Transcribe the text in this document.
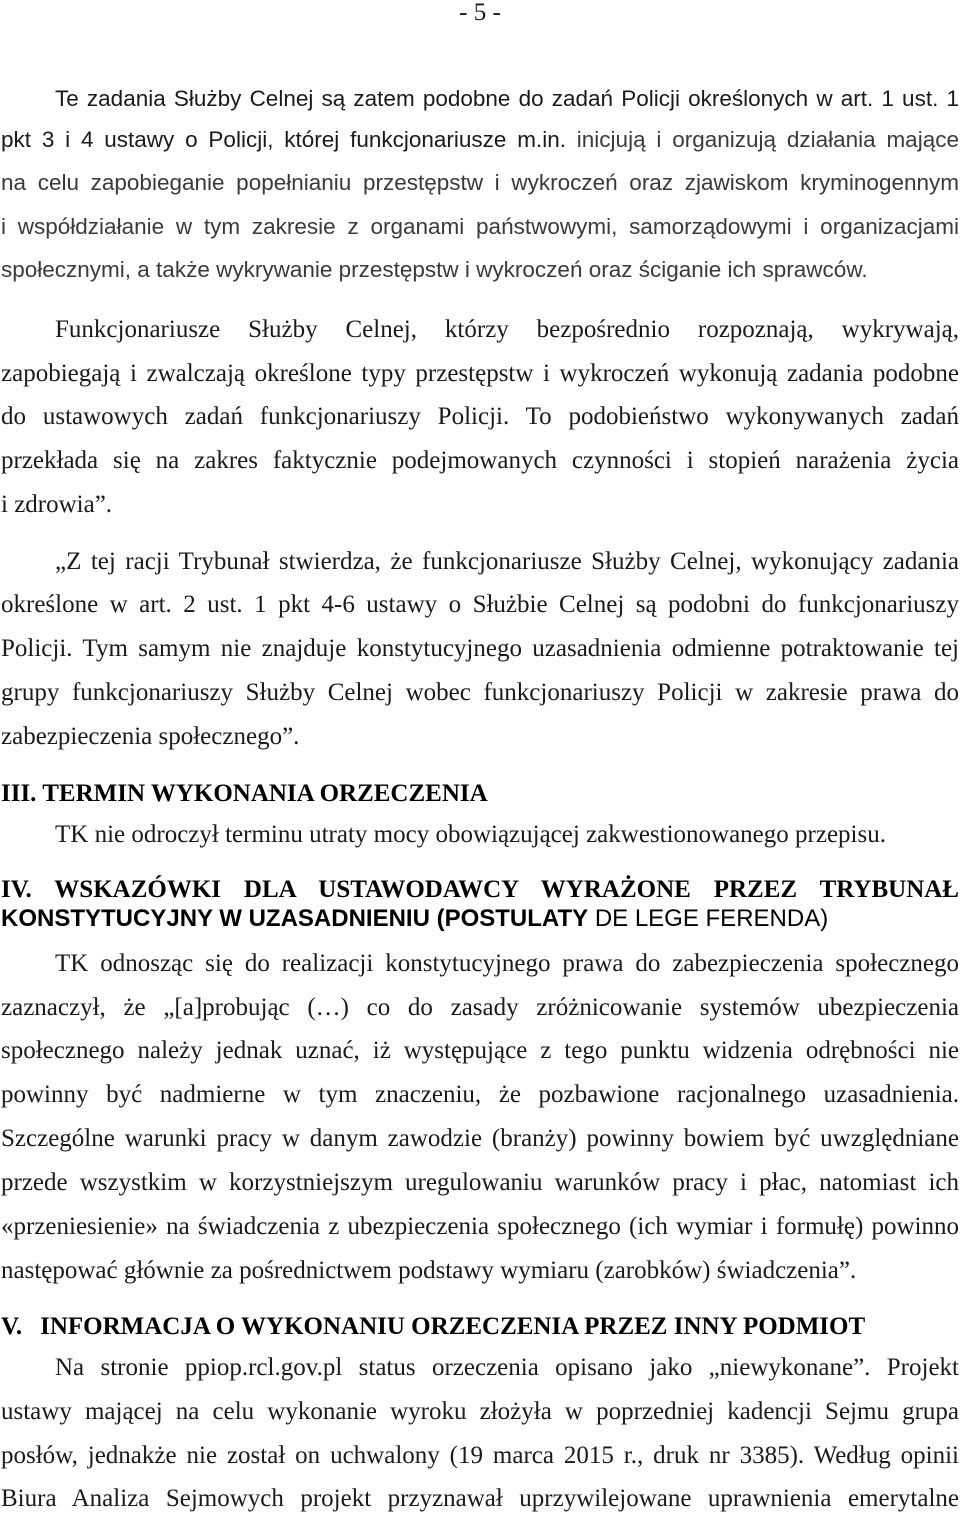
- 5 -
Te zadania Służby Celnej są zatem podobne do zadań Policji określonych w art. 1 ust. 1
pkt 3 i 4 ustawy o Policji, której funkcjonariusze m.in. inicjują i organizują działania mające
na celu zapobieganie popełnianiu przestępstw i wykroczeń oraz zjawiskom kryminogennym
i współdziałanie w tym zakresie z organami państwowymi, samorządowymi i organizacjami
społecznymi, a także wykrywanie przestępstw i wykroczeń oraz ściganie ich sprawców.
Funkcjonariusze Służby Celnej, którzy bezpośrednio rozpoznają, wykrywają,
zapobiegają i zwalczają określone typy przestępstw i wykroczeń wykonują zadania podobne
do ustawowych zadań funkcjonariuszy Policji. To podobieństwo wykonywanych zadań
przekłada się na zakres faktycznie podejmowanych czynności i stopień narażenia życia
i zdrowia”.
„Z tej racji Trybunał stwierdza, że funkcjonariusze Służby Celnej, wykonujący zadania
określone w art. 2 ust. 1 pkt 4-6 ustawy o Służbie Celnej są podobni do funkcjonariuszy
Policji. Tym samym nie znajduje konstytucyjnego uzasadnienia odmienne potraktowanie tej
grupy funkcjonariuszy Służby Celnej wobec funkcjonariuszy Policji w zakresie prawa do
zabezpieczenia społecznego”.
III. TERMIN WYKONANIA ORZECZENIA
TK nie odroczył terminu utraty mocy obowiązującej zakwestionowanego przepisu.
IV. WSKAZÓWKI DLA USTAWODAWCY WYRAŻONE PRZEZ TRYBUNAŁ
KONSTYTUCYJNY W UZASADNIENIU (POSTULATY DE LEGE FERENDA)
TK odnosząc się do realizacji konstytucyjnego prawa do zabezpieczenia społecznego
zaznaczył, że „[a]probując (…) co do zasady zróżnicowanie systemów ubezpieczenia
społecznego należy jednak uznać, iż występujące z tego punktu widzenia odrębności nie
powinny być nadmierne w tym znaczeniu, że pozbawione racjonalnego uzasadnienia.
Szczególne warunki pracy w danym zawodzie (branży) powinny bowiem być uwzględniane
przede wszystkim w korzystniejszym uregulowaniu warunków pracy i płac, natomiast ich
«przeniesienie» na świadczenia z ubezpieczenia społecznego (ich wymiar i formułę) powinno
następować głównie za pośrednictwem podstawy wymiaru (zarobków) świadczenia”.
V. INFORMACJA O WYKONANIU ORZECZENIA PRZEZ INNY PODMIOT
Na stronie ppiop.rcl.gov.pl status orzeczenia opisano jako „niewykonane”. Projekt
ustawy mającej na celu wykonanie wyroku złożyła w poprzedniej kadencji Sejmu grupa
posłów, jednakże nie został on uchwalony (19 marca 2015 r., druk nr 3385). Według opinii
Biura Analiza Sejmowych projekt przyznawał uprzywilejowane uprawnienia emerytalne
